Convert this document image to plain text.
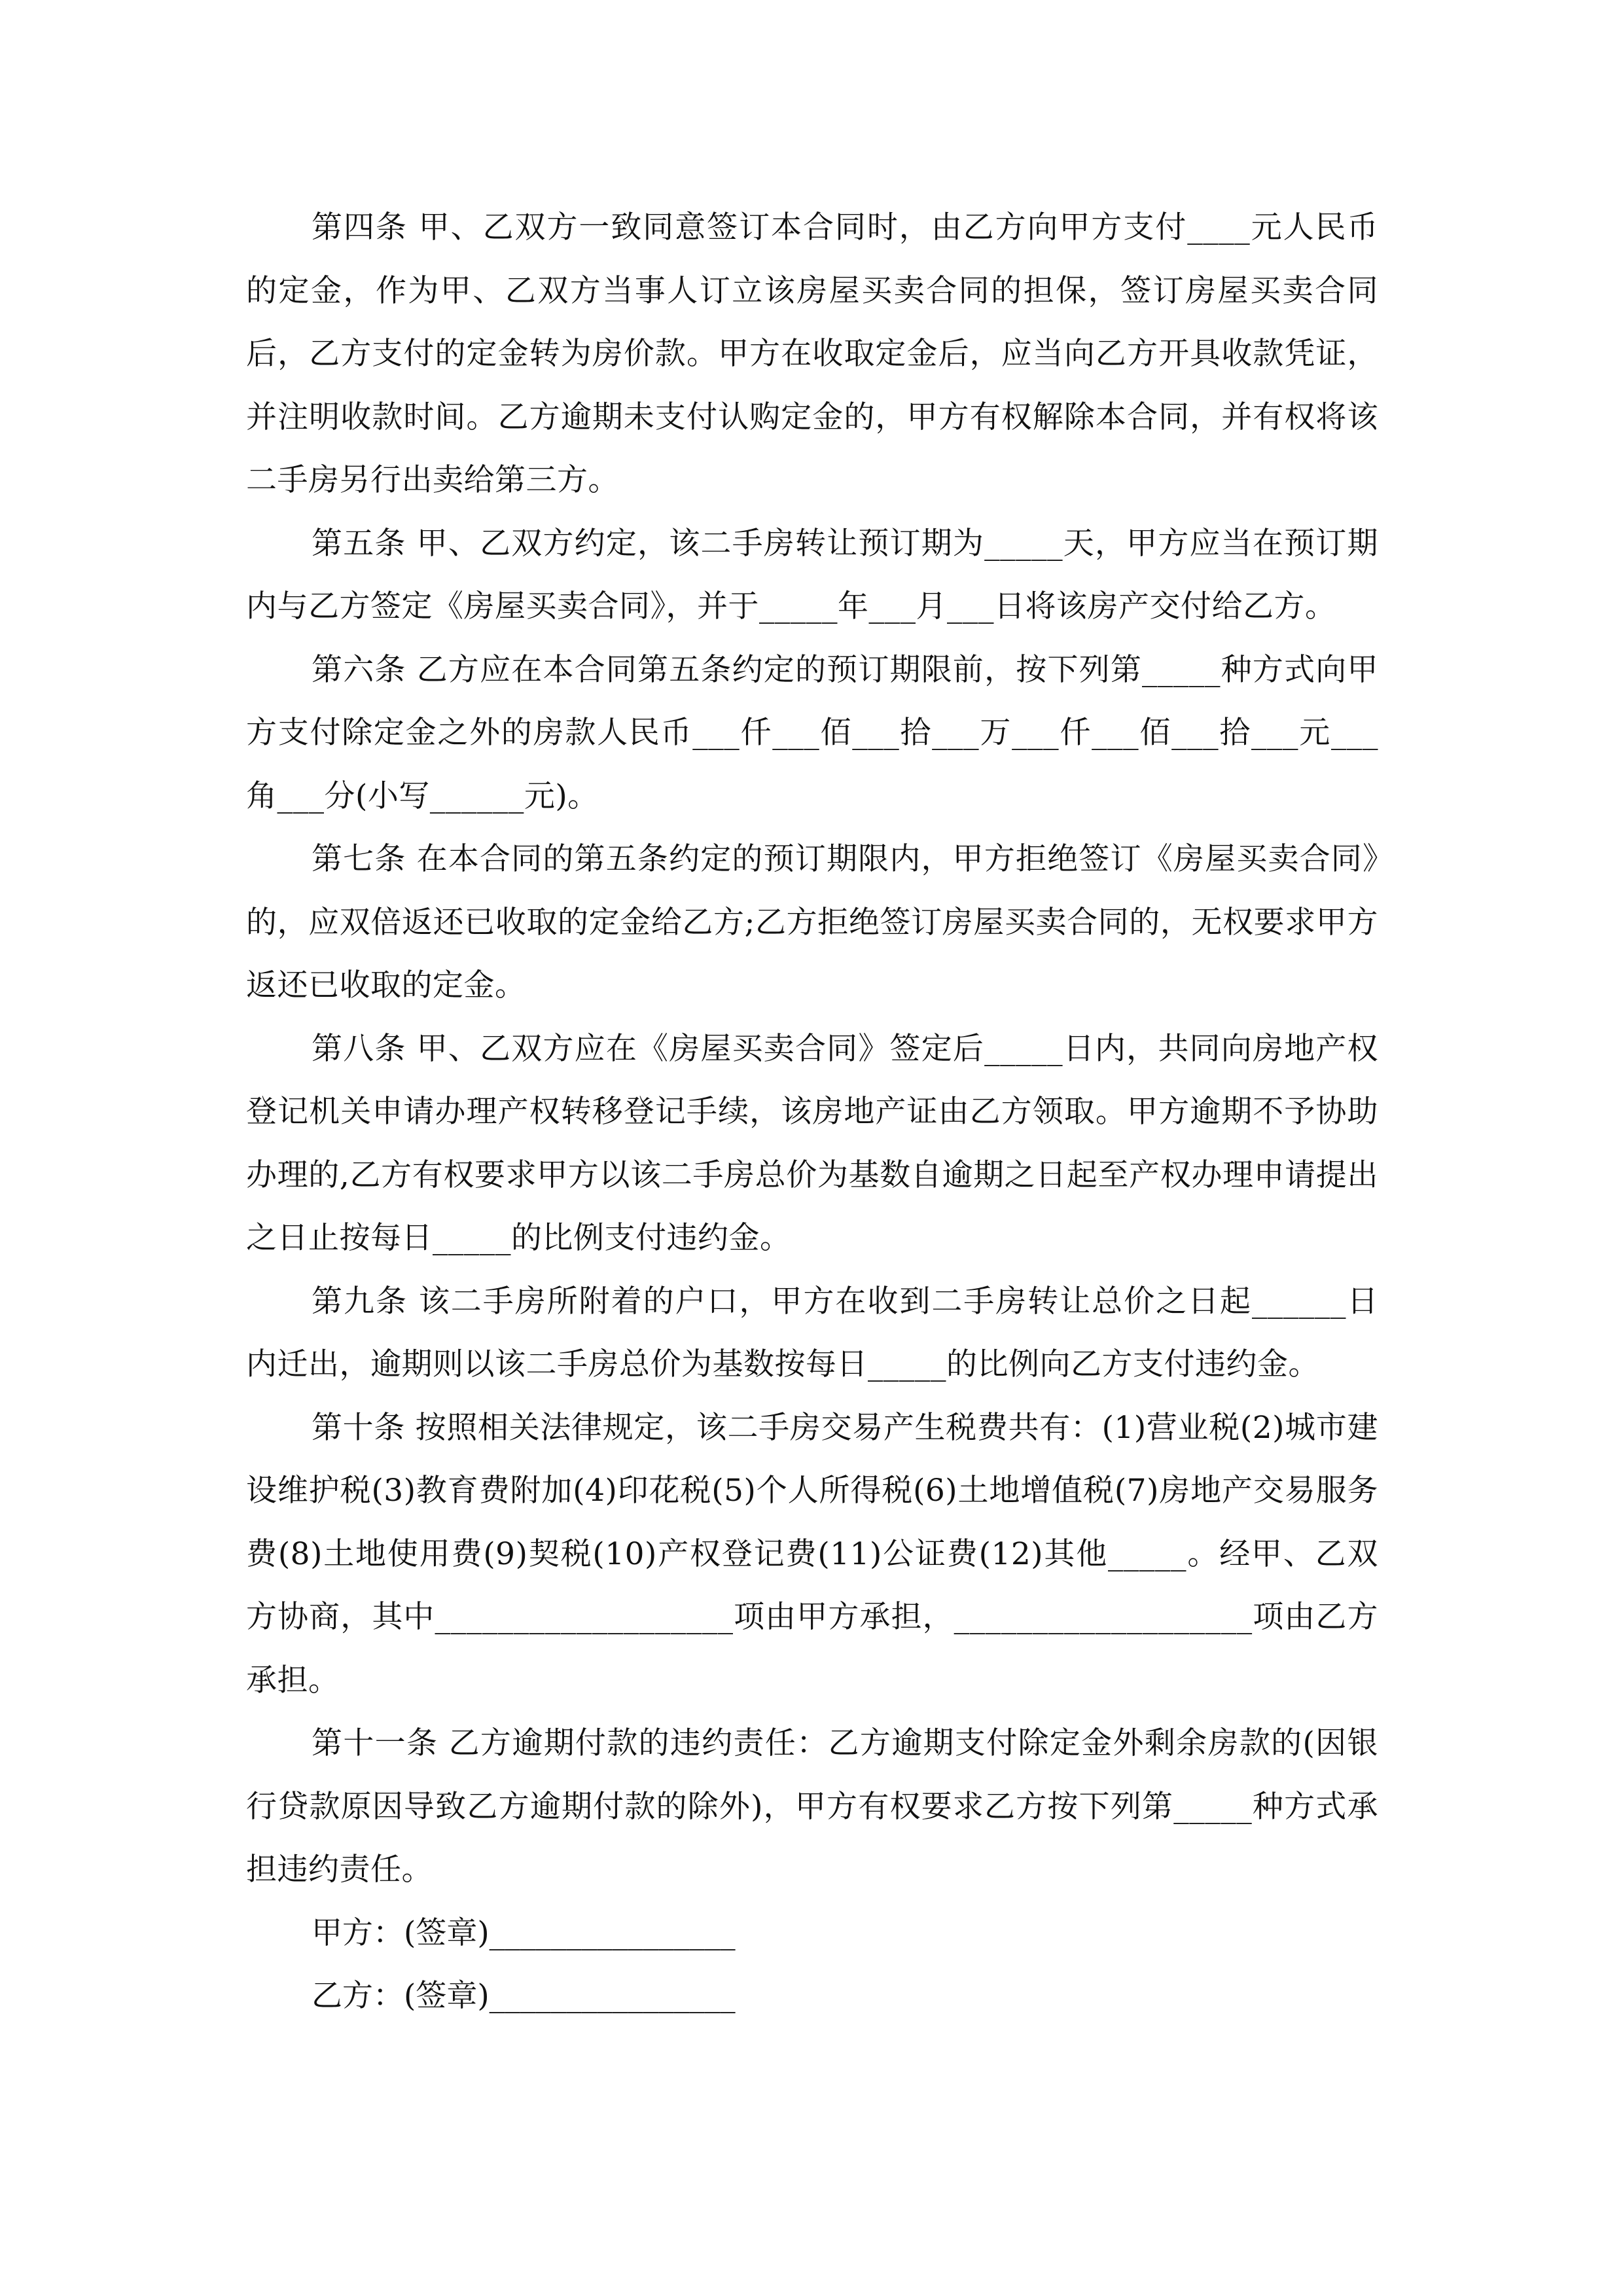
第四条 甲、乙双方一致同意签订本合同时，由乙方向甲方支付____元人民币的定金，作为甲、乙双方当事人订立该房屋买卖合同的担保，签订房屋买卖合同后，乙方支付的定金转为房价款。甲方在收取定金后，应当向乙方开具收款凭证，并注明收款时间。乙方逾期未支付认购定金的，甲方有权解除本合同，并有权将该二手房另行出卖给第三方。

第五条 甲、乙双方约定，该二手房转让预订期为_____天，甲方应当在预订期内与乙方签定《房屋买卖合同》，并于_____年___月___日将该房产交付给乙方。

第六条 乙方应在本合同第五条约定的预订期限前，按下列第_____种方式向甲方支付除定金之外的房款人民币___仟___佰___拾___万___仟___佰___拾___元___角___分(小写______元)。

第七条 在本合同的第五条约定的预订期限内，甲方拒绝签订《房屋买卖合同》的，应双倍返还已收取的定金给乙方;乙方拒绝签订房屋买卖合同的，无权要求甲方返还已收取的定金。

第八条 甲、乙双方应在《房屋买卖合同》签定后_____日内，共同向房地产权登记机关申请办理产权转移登记手续，该房地产证由乙方领取。甲方逾期不予协助办理的,乙方有权要求甲方以该二手房总价为基数自逾期之日起至产权办理申请提出之日止按每日_____的比例支付违约金。

第九条 该二手房所附着的户口，甲方在收到二手房转让总价之日起______日内迁出，逾期则以该二手房总价为基数按每日_____的比例向乙方支付违约金。

第十条 按照相关法律规定，该二手房交易产生税费共有：(1)营业税(2)城市建设维护税(3)教育费附加(4)印花税(5)个人所得税(6)土地增值税(7)房地产交易服务费(8)土地使用费(9)契税(10)产权登记费(11)公证费(12)其他_____。经甲、乙双方协商，其中___________________项由甲方承担，___________________项由乙方承担。

第十一条 乙方逾期付款的违约责任：乙方逾期支付除定金外剩余房款的(因银行贷款原因导致乙方逾期付款的除外)，甲方有权要求乙方按下列第_____种方式承担违约责任。

甲方：(签章)________________

乙方：(签章)________________
